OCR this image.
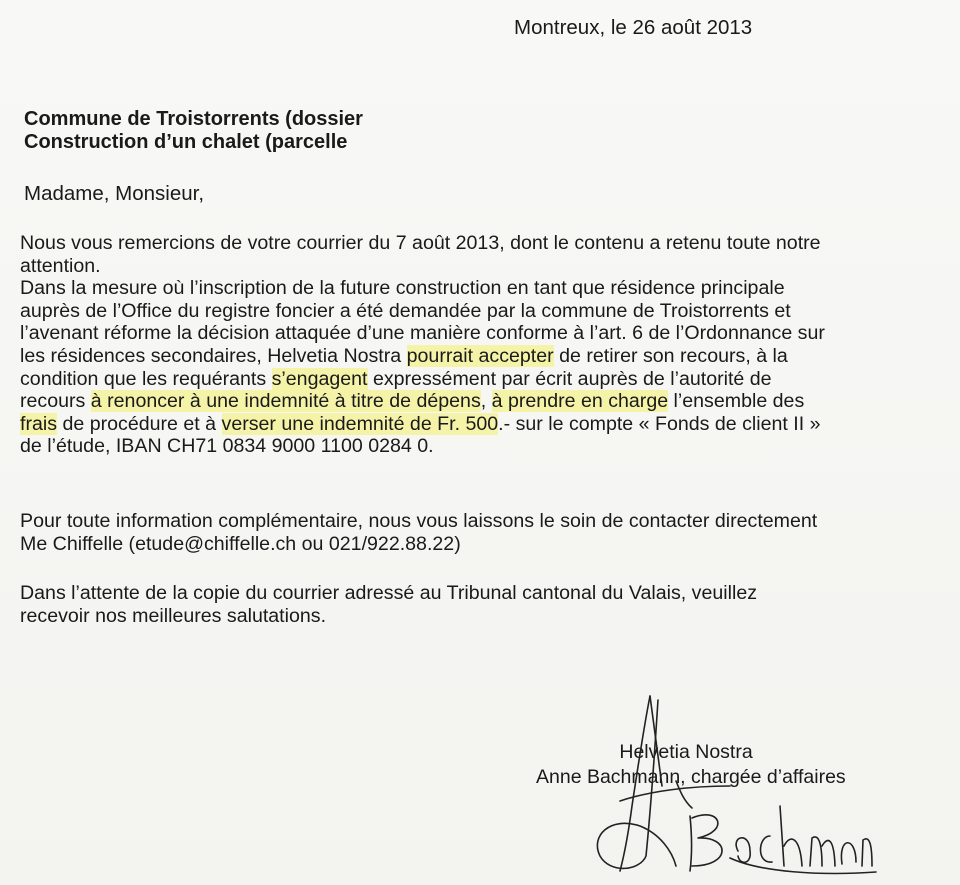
Montreux, le 26 août 2013
Commune de Troistorrents (dossier
Construction d’un chalet (parcelle
Madame, Monsieur,
Nous vous remercions de votre courrier du 7 août 2013, dont le contenu a retenu toute notre
attention.
Dans la mesure où l’inscription de la future construction en tant que résidence principale
auprès de l’Office du registre foncier a été demandée par la commune de Troistorrents et
l’avenant réforme la décision attaquée d’une manière conforme à l’art. 6 de l’Ordonnance sur
les résidences secondaires, Helvetia Nostra pourrait accepter de retirer son recours, à la
condition que les requérants s’engagent expressément par écrit auprès de l’autorité de
recours à renoncer à une indemnité à titre de dépens, à prendre en charge l’ensemble des
frais de procédure et à verser une indemnité de Fr. 500.- sur le compte « Fonds de client II »
de l’étude, IBAN CH71 0834 9000 1100 0284 0.
Pour toute information complémentaire, nous vous laissons le soin de contacter directement
Me Chiffelle (etude@chiffelle.ch ou 021/922.88.22)
Dans l’attente de la copie du courrier adressé au Tribunal cantonal du Valais, veuillez
recevoir nos meilleures salutations.
Helvetia Nostra
Anne Bachmann, chargée d’affaires
